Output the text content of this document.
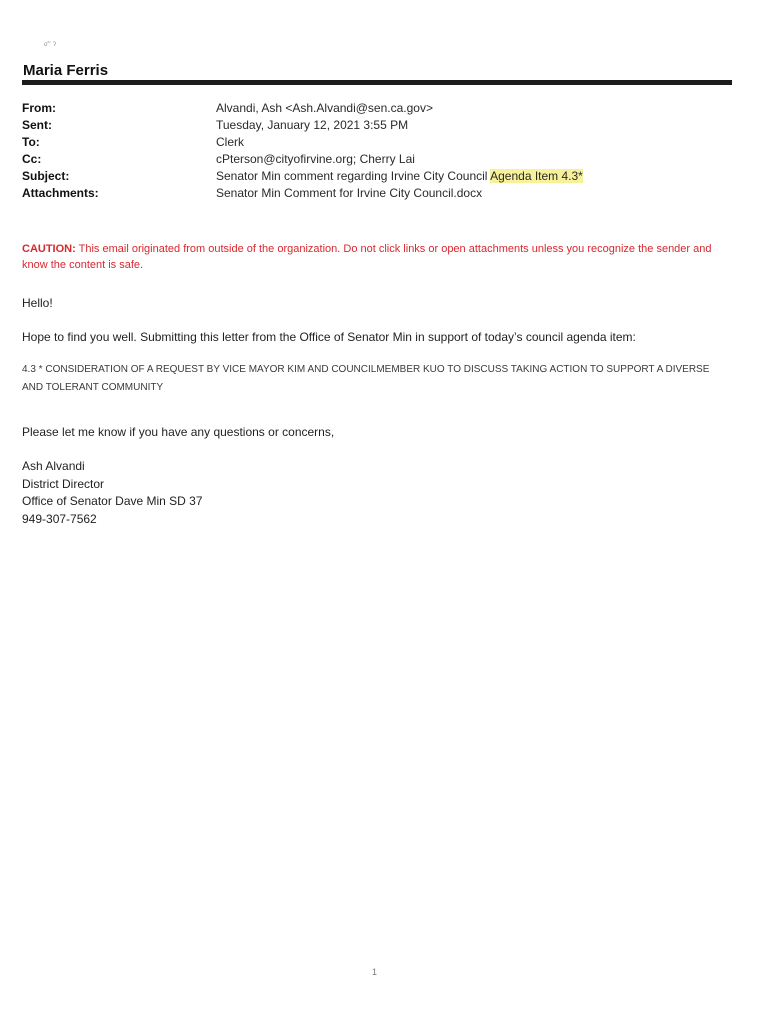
ᵒ˜ ˀ
Maria Ferris
From:	Alvandi, Ash <Ash.Alvandi@sen.ca.gov>
Sent:	Tuesday, January 12, 2021 3:55 PM
To:	Clerk
Cc:	cPterson@cityofirvine.org; Cherry Lai
Subject:	Senator Min comment regarding Irvine City Council Agenda Item 4.3*
Attachments:	Senator Min Comment for Irvine City Council.docx
CAUTION: This email originated from outside of the organization. Do not click links or open attachments unless you recognize the sender and know the content is safe.
Hello!
Hope to find you well. Submitting this letter from the Office of Senator Min in support of today’s council agenda item:
4.3 * CONSIDERATION OF A REQUEST BY VICE MAYOR KIM AND COUNCILMEMBER KUO TO DISCUSS TAKING ACTION TO SUPPORT A DIVERSE AND TOLERANT COMMUNITY
Please let me know if you have any questions or concerns,
Ash Alvandi
District Director
Office of Senator Dave Min SD 37
949-307-7562
1
